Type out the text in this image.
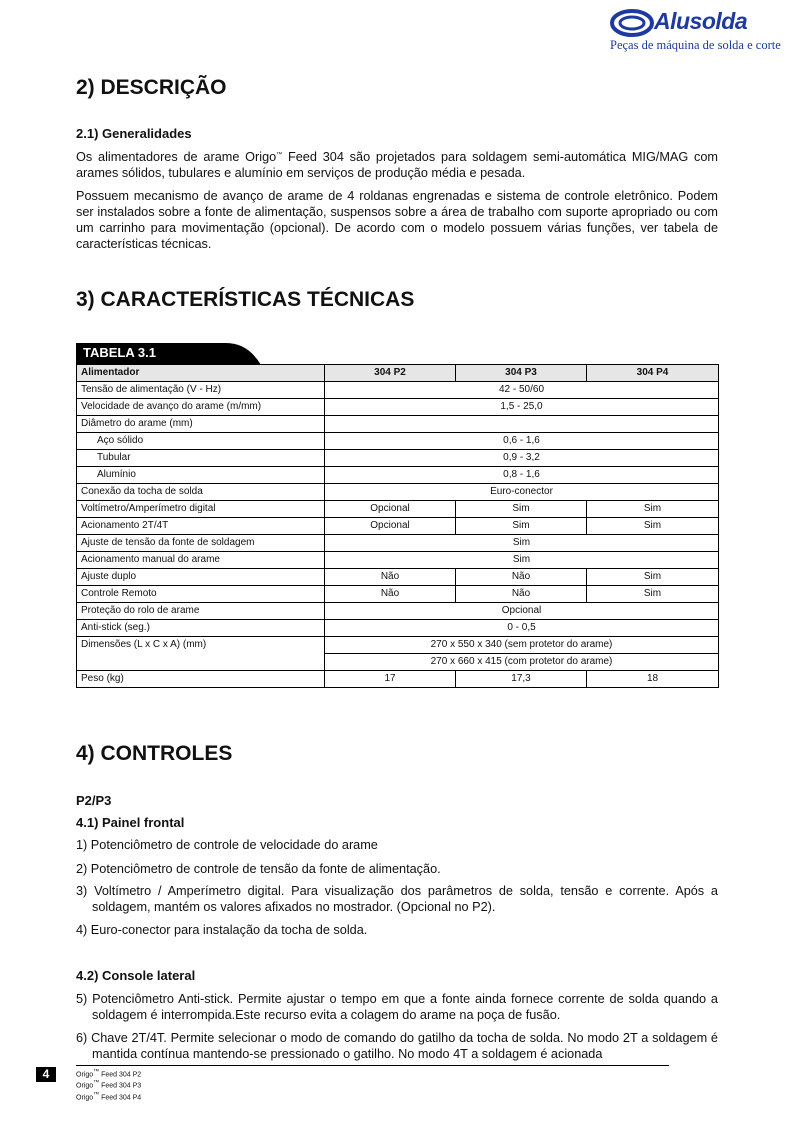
Alusolda
Peças de máquina de solda e corte
2) DESCRIÇÃO
2.1) Generalidades

Os alimentadores de arame Origo™ Feed 304 são projetados para soldagem semi-automática MIG/MAG com arames sólidos, tubulares e alumínio em serviços de produção média e pesada.

Possuem mecanismo de avanço de arame de 4 roldanas engrenadas e sistema de controle eletrônico. Podem ser instalados sobre a fonte de alimentação, suspensos sobre a área de trabalho com suporte apropriado ou com um carrinho para movimentação (opcional). De acordo com o modelo possuem várias funções, ver tabela de características técnicas.

3) CARACTERÍSTICAS TÉCNICAS
TABELA 3.1
Alimentador	304 P2	304 P3	304 P4
Tensão de alimentação (V - Hz)	42 - 50/60		
Velocidade de avanço do arame (m/mm)	1,5 - 25,0		
Diâmetro do arame (mm)			
Aço sólido	0,6 - 1,6		
Tubular	0,9 - 3,2		
Alumínio	0,8 - 1,6		
Conexão da tocha de solda	Euro-conector		
Voltímetro/Amperímetro digital	Opcional	Sim	Sim
Acionamento 2T/4T	Opcional	Sim	Sim
Ajuste de tensão da fonte de soldagem	Sim		
Acionamento manual do arame	Sim		
Ajuste duplo	Não	Não	Sim
Controle Remoto	Não	Não	Sim
Proteção do rolo de arame	Opcional		
Anti-stick (seg.)	0 - 0,5		
Dimensões (L x C x A) (mm)	270 x 550 x 340 (sem protetor do arame)		
	270 x 660 x 415 (com protetor do arame)		
Peso (kg)	17	17,3	18
4) CONTROLES
P2/P3
4.1) Painel frontal

1) Potenciômetro de controle de velocidade do arame

2) Potenciômetro de controle de tensão da fonte de alimentação.

3) Voltímetro / Amperímetro digital. Para visualização dos parâmetros de solda, tensão e corrente. Após a soldagem, mantém os valores afixados no mostrador. (Opcional no P2).

4) Euro-conector para instalação da tocha de solda.

4.2) Console lateral

5) Potenciômetro Anti-stick. Permite ajustar o tempo em que a fonte ainda fornece corrente de solda quando a soldagem é interrompida.Este recurso evita a colagem do arame na poça de fusão.

6) Chave 2T/4T. Permite selecionar o modo de comando do gatilho da tocha de solda. No modo 2T a soldagem é mantida contínua mantendo-se pressionado o gatilho. No modo 4T a soldagem é acionada

4	Origo™ Feed 304 P2
Origo™ Feed 304 P3
Origo™ Feed 304 P4
